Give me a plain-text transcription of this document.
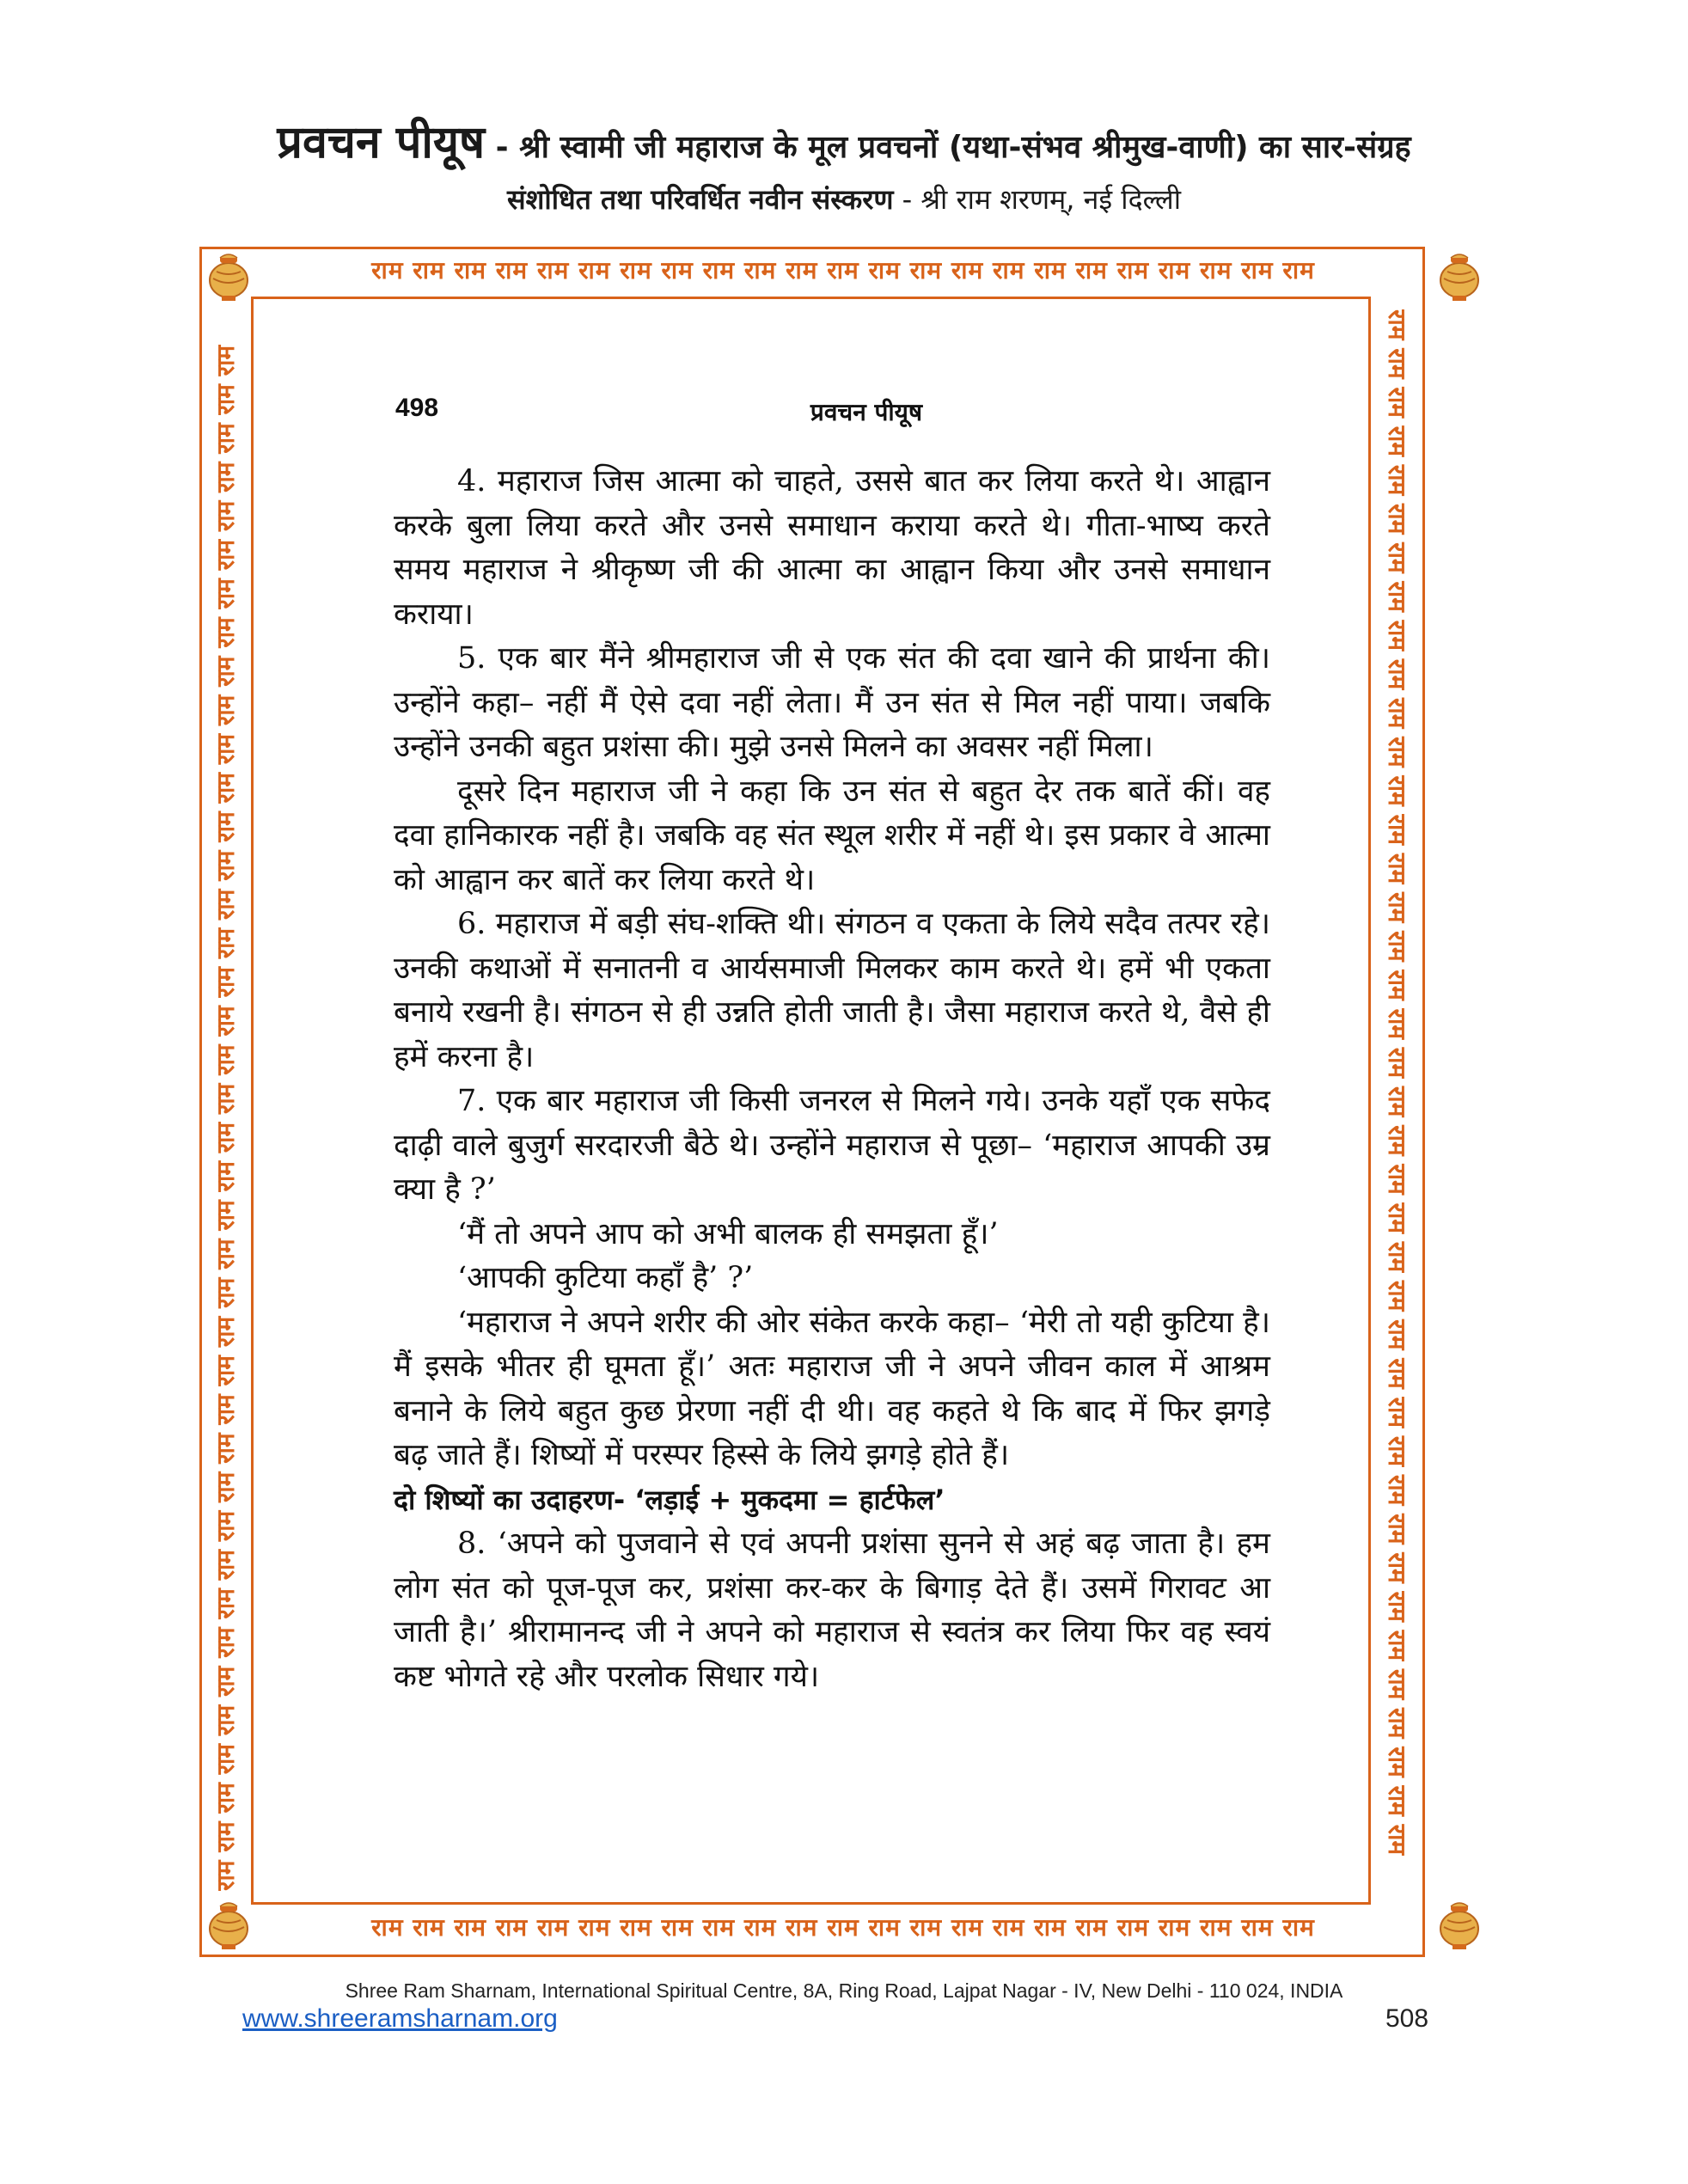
प्रवचन पीयूष - श्री स्वामी जी महाराज के मूल प्रवचनों (यथा-संभव श्रीमुख-वाणी) का सार-संग्रह
संशोधित तथा परिवर्धित नवीन संस्करण - श्री राम शरणम्, नई दिल्ली
राम राम राम राम राम राम राम राम राम राम राम राम राम राम राम राम राम राम राम राम राम राम राम
राम राम राम राम राम राम राम राम राम राम राम राम राम राम राम राम राम राम राम राम राम राम राम
राम राम राम राम राम राम राम राम राम राम राम राम राम राम राम राम राम राम राम राम राम राम राम राम राम राम राम राम राम राम राम राम राम राम राम राम राम राम राम राम	राम राम राम राम राम राम राम राम राम राम राम राम राम राम राम राम राम राम राम राम राम राम राम राम राम राम राम राम राम राम राम राम राम राम राम राम राम राम राम राम
498	प्रवचन पीयूष

4. महाराज जिस आत्मा को चाहते, उससे बात कर लिया करते थे। आह्वान करके बुला लिया करते और उनसे समाधान कराया करते थे। गीता-भाष्य करते समय महाराज ने श्रीकृष्ण जी की आत्मा का आह्वान किया और उनसे समाधान कराया।

5. एक बार मैंने श्रीमहाराज जी से एक संत की दवा खाने की प्रार्थना की। उन्होंने कहा– नहीं मैं ऐसे दवा नहीं लेता। मैं उन संत से मिल नहीं पाया। जबकि उन्होंने उनकी बहुत प्रशंसा की। मुझे उनसे मिलने का अवसर नहीं मिला।

दूसरे दिन महाराज जी ने कहा कि उन संत से बहुत देर तक बातें कीं। वह दवा हानिकारक नहीं है। जबकि वह संत स्थूल शरीर में नहीं थे। इस प्रकार वे आत्मा को आह्वान कर बातें कर लिया करते थे।

6. महाराज में बड़ी संघ-शक्ति थी। संगठन व एकता के लिये सदैव तत्पर रहे। उनकी कथाओं में सनातनी व आर्यसमाजी मिलकर काम करते थे। हमें भी एकता बनाये रखनी है। संगठन से ही उन्नति होती जाती है। जैसा महाराज करते थे, वैसे ही हमें करना है।

7. एक बार महाराज जी किसी जनरल से मिलने गये। उनके यहाँ एक सफेद दाढ़ी वाले बुजुर्ग सरदारजी बैठे थे। उन्होंने महाराज से पूछा– ‘महाराज आपकी उम्र क्या है ?’

‘मैं तो अपने आप को अभी बालक ही समझता हूँ।’

‘आपकी कुटिया कहाँ है’ ?’

‘महाराज ने अपने शरीर की ओर संकेत करके कहा– ‘मेरी तो यही कुटिया है। मैं इसके भीतर ही घूमता हूँ।’ अतः महाराज जी ने अपने जीवन काल में आश्रम बनाने के लिये बहुत कुछ प्रेरणा नहीं दी थी। वह कहते थे कि बाद में फिर झगड़े बढ़ जाते हैं। शिष्यों में परस्पर हिस्से के लिये झगड़े होते हैं।

दो शिष्यों का उदाहरण- ‘लड़ाई + मुकदमा = हार्टफेल’

8. ‘अपने को पुजवाने से एवं अपनी प्रशंसा सुनने से अहं बढ़ जाता है। हम लोग संत को पूज-पूज कर, प्रशंसा कर-कर के बिगाड़ देते हैं। उसमें गिरावट आ जाती है।’ श्रीरामानन्द जी ने अपने को महाराज से स्वतंत्र कर लिया फिर वह स्वयं कष्ट भोगते रहे और परलोक सिधार गये।

Shree Ram Sharnam, International Spiritual Centre, 8A, Ring Road, Lajpat Nagar - IV, New Delhi - 110 024, INDIA
www.shreeramsharnam.org	508
